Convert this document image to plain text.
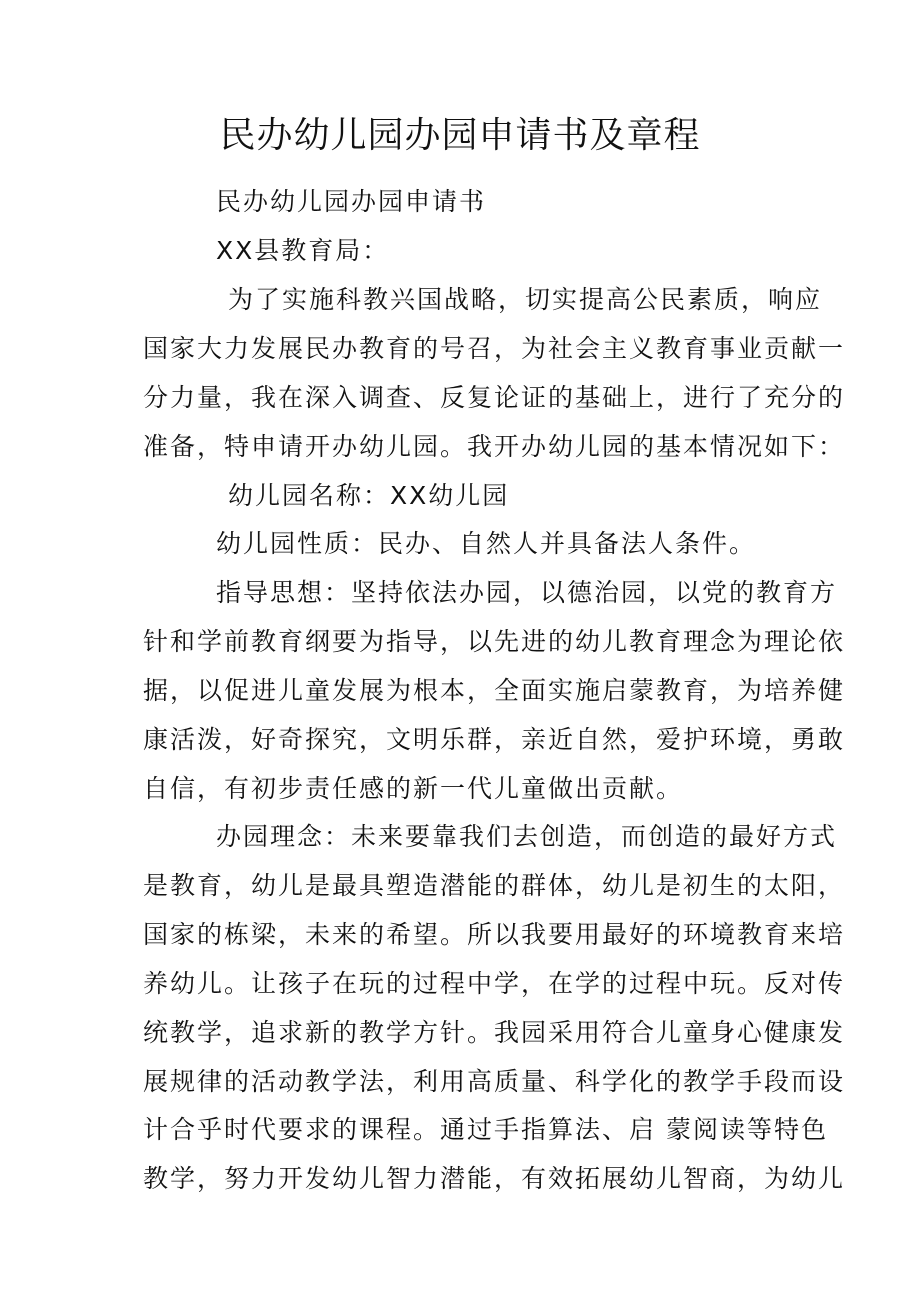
民办幼儿园办园申请书及章程
民办幼儿园办园申请书
XX县教育局：
为了实施科教兴国战略，切实提高公民素质，响应
国家大力发展民办教育的号召，为社会主义教育事业贡献一
分力量，我在深入调查、反复论证的基础上，进行了充分的
准备，特申请开办幼儿园。我开办幼儿园的基本情况如下：
幼儿园名称：XX幼儿园
幼儿园性质：民办、自然人并具备法人条件。
指导思想：坚持依法办园，以德治园，以党的教育方
针和学前教育纲要为指导，以先进的幼儿教育理念为理论依
据，以促进儿童发展为根本，全面实施启蒙教育，为培养健
康活泼，好奇探究，文明乐群，亲近自然，爱护环境，勇敢
自信，有初步责任感的新一代儿童做出贡献。
办园理念：未来要靠我们去创造，而创造的最好方式
是教育，幼儿是最具塑造潜能的群体，幼儿是初生的太阳，
国家的栋梁，未来的希望。所以我要用最好的环境教育来培
养幼儿。让孩子在玩的过程中学，在学的过程中玩。反对传
统教学，追求新的教学方针。我园采用符合儿童身心健康发
展规律的活动教学法，利用高质量、科学化的教学手段而设
计合乎时代要求的课程。通过手指算法、启 蒙阅读等特色
教学，努力开发幼儿智力潜能，有效拓展幼儿智商，为幼儿
